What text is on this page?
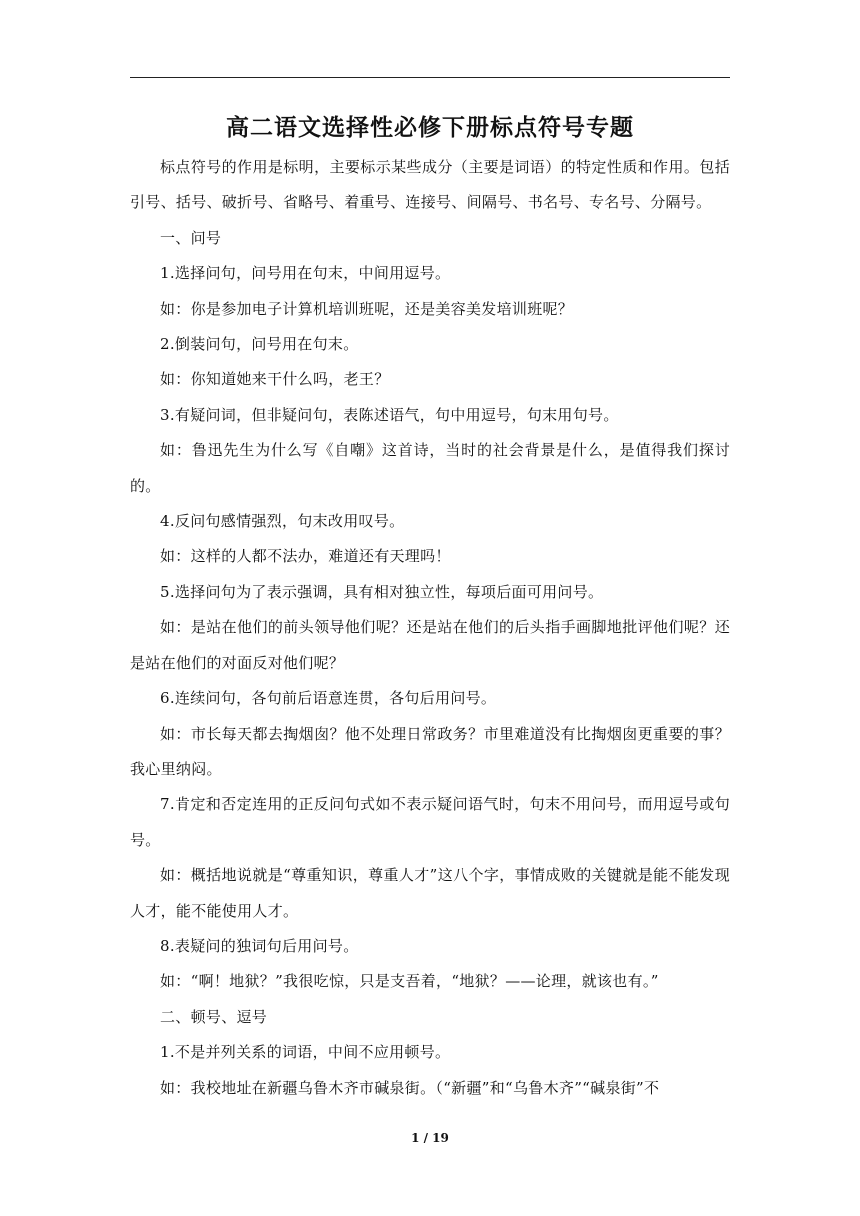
高二语文选择性必修下册标点符号专题

标点符号的作用是标明，主要标示某些成分（主要是词语）的特定性质和作用。包括引号、括号、破折号、省略号、着重号、连接号、间隔号、书名号、专名号、分隔号。

一、问号

1.选择问句，问号用在句末，中间用逗号。

如：你是参加电子计算机培训班呢，还是美容美发培训班呢？

2.倒装问句，问号用在句末。

如：你知道她来干什么吗，老王？

3.有疑问词，但非疑问句，表陈述语气，句中用逗号，句末用句号。

如：鲁迅先生为什么写《自嘲》这首诗，当时的社会背景是什么，是值得我们探讨的。

4.反问句感情强烈，句末改用叹号。

如：这样的人都不法办，难道还有天理吗！

5.选择问句为了表示强调，具有相对独立性，每项后面可用问号。

如：是站在他们的前头领导他们呢？还是站在他们的后头指手画脚地批评他们呢？还是站在他们的对面反对他们呢？

6.连续问句，各句前后语意连贯，各句后用问号。

如：市长每天都去掏烟囱？他不处理日常政务？市里难道没有比掏烟囱更重要的事？我心里纳闷。

7.肯定和否定连用的正反问句式如不表示疑问语气时，句末不用问号，而用逗号或句号。

如：概括地说就是“尊重知识，尊重人才”这八个字，事情成败的关键就是能不能发现人才，能不能使用人才。

8.表疑问的独词句后用问号。

如：“啊！地狱？”我很吃惊，只是支吾着，“地狱？——论理，就该也有。”

二、顿号、逗号

1.不是并列关系的词语，中间不应用顿号。

如：我校地址在新疆乌鲁木齐市碱泉街。（“新疆”和“乌鲁木齐”“碱泉街”不

1 / 19
